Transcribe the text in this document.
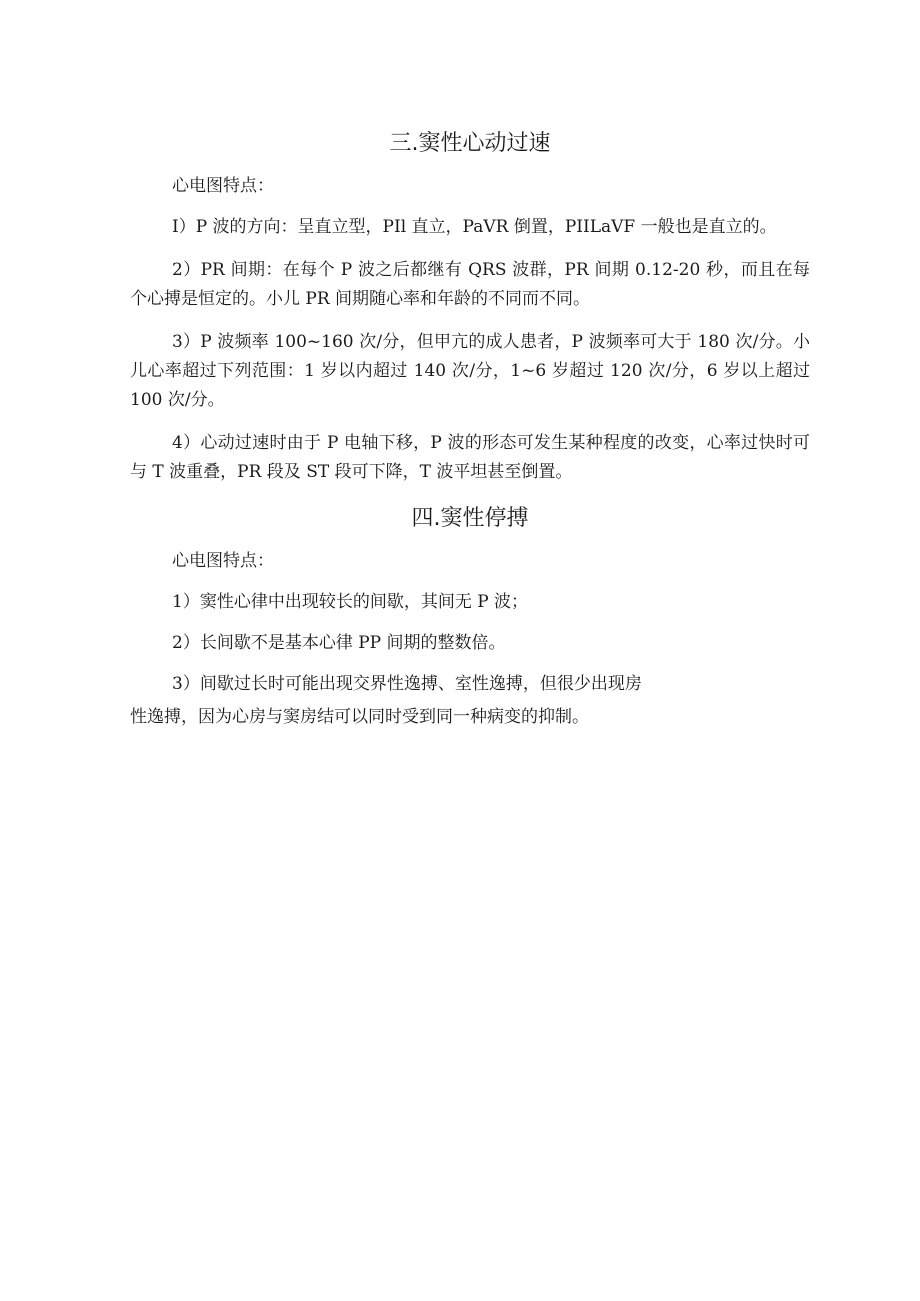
三.窦性心动过速

心电图特点：

I）P 波的方向：呈直立型，PIl 直立，PaVR 倒置，PIILaVF 一般也是直立的。

2）PR 间期：在每个 P 波之后都继有 QRS 波群，PR 间期 0.12-20 秒，而且在每个心搏是恒定的。小儿 PR 间期随心率和年龄的不同而不同。

3）P 波频率 100~160 次/分，但甲亢的成人患者，P 波频率可大于 180 次/分。小儿心率超过下列范围：1 岁以内超过 140 次/分，1~6 岁超过 120 次/分，6 岁以上超过 100 次/分。

4）心动过速时由于 P 电轴下移，P 波的形态可发生某种程度的改变，心率过快时可与 T 波重叠，PR 段及 ST 段可下降，T 波平坦甚至倒置。

四.窦性停搏

心电图特点：

1）窦性心律中出现较长的间歇，其间无 P 波；

2）长间歇不是基本心律 PP 间期的整数倍。

3）间歇过长时可能出现交界性逸搏、室性逸搏，但很少出现房

性逸搏，因为心房与窦房结可以同时受到同一种病变的抑制。
